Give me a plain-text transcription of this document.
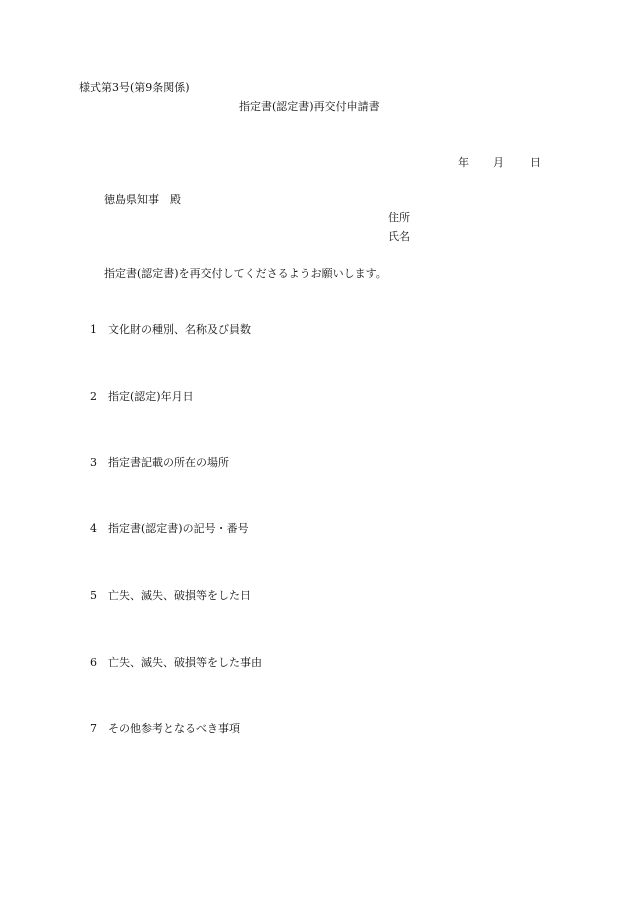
様式第3号(第9条関係)
指定書(認定書)再交付申請書
年 月 日
徳島県知事　殿
住所
氏名
指定書(認定書)を再交付してくださるようお願いします。
1 文化財の種別、名称及び員数
2 指定(認定)年月日
3 指定書記載の所在の場所
4 指定書(認定書)の記号・番号
5 亡失、滅失、破損等をした日
6 亡失、滅失、破損等をした事由
7 その他参考となるべき事項
